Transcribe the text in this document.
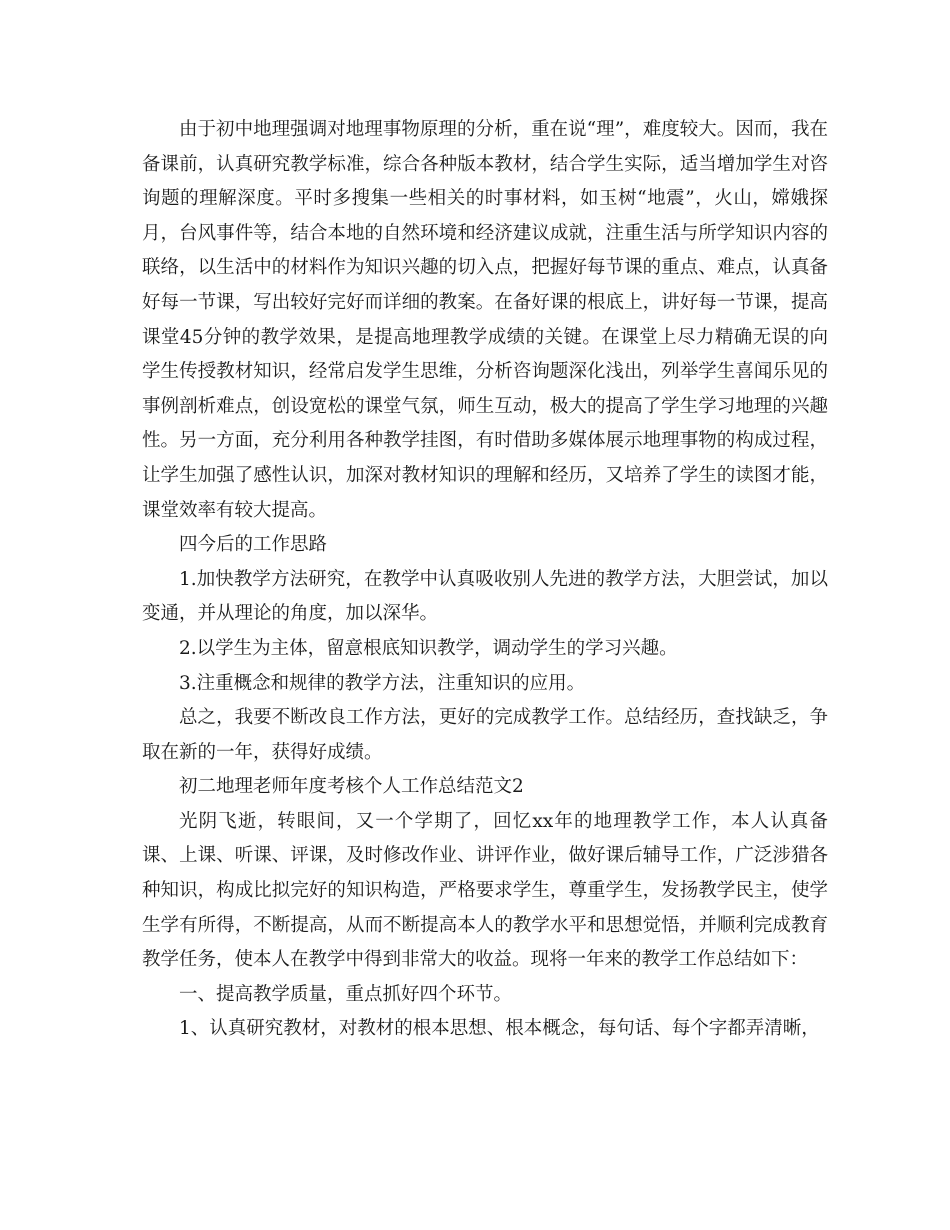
由于初中地理强调对地理事物原理的分析，重在说“理”，难度较大。因而，我在备课前，认真研究教学标准，综合各种版本教材，结合学生实际，适当增加学生对咨询题的理解深度。平时多搜集一些相关的时事材料，如玉树“地震”，火山，嫦娥探月，台风事件等，结合本地的自然环境和经济建议成就，注重生活与所学知识内容的联络，以生活中的材料作为知识兴趣的切入点，把握好每节课的重点、难点，认真备好每一节课，写出较好完好而详细的教案。在备好课的根底上，讲好每一节课，提高课堂45分钟的教学效果，是提高地理教学成绩的关键。在课堂上尽力精确无误的向学生传授教材知识，经常启发学生思维，分析咨询题深化浅出，列举学生喜闻乐见的事例剖析难点，创设宽松的课堂气氛，师生互动，极大的提高了学生学习地理的兴趣性。另一方面，充分利用各种教学挂图，有时借助多媒体展示地理事物的构成过程，让学生加强了感性认识，加深对教材知识的理解和经历，又培养了学生的读图才能，课堂效率有较大提高。

四今后的工作思路

1.加快教学方法研究，在教学中认真吸收别人先进的教学方法，大胆尝试，加以变通，并从理论的角度，加以深华。

2.以学生为主体，留意根底知识教学，调动学生的学习兴趣。

3.注重概念和规律的教学方法，注重知识的应用。

总之，我要不断改良工作方法，更好的完成教学工作。总结经历，查找缺乏，争取在新的一年，获得好成绩。

初二地理老师年度考核个人工作总结范文2

光阴飞逝，转眼间，又一个学期了，回忆xx年的地理教学工作，本人认真备课、上课、听课、评课，及时修改作业、讲评作业，做好课后辅导工作，广泛涉猎各种知识，构成比拟完好的知识构造，严格要求学生，尊重学生，发扬教学民主，使学生学有所得，不断提高，从而不断提高本人的教学水平和思想觉悟，并顺利完成教育教学任务，使本人在教学中得到非常大的收益。现将一年来的教学工作总结如下：

一、提高教学质量，重点抓好四个环节。

1、认真研究教材，对教材的根本思想、根本概念，每句话、每个字都弄清晰，
